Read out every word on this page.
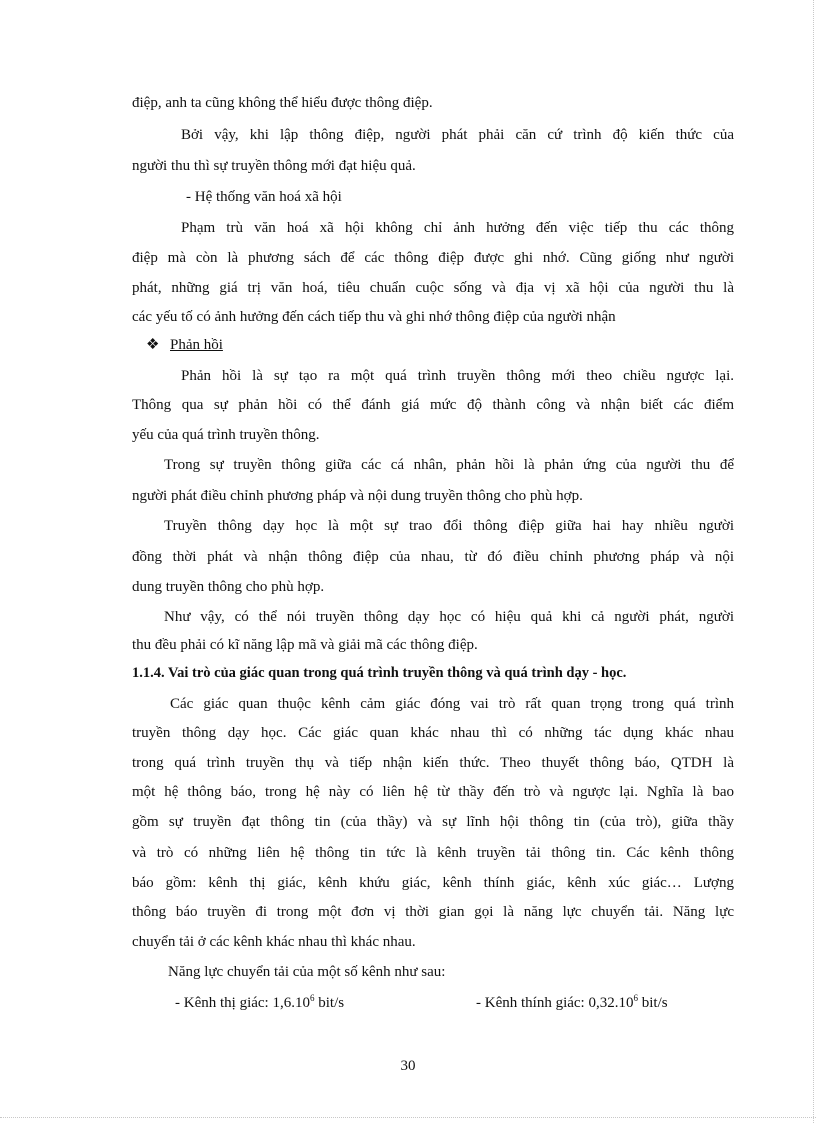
điệp, anh ta cũng không thể hiểu được thông điệp.
Bởi vậy, khi lập thông điệp, người phát phải căn cứ trình độ kiến thức của
người thu thì sự truyền thông mới đạt hiệu quả.
- Hệ thống văn hoá xã hội
Phạm trù văn hoá xã hội không chỉ ảnh hưởng đến việc tiếp thu các thông
điệp mà còn là phương sách để các thông điệp được ghi nhớ. Cũng giống như người
phát, những giá trị văn hoá, tiêu chuẩn cuộc sống và địa vị xã hội của người thu là
các yếu tố có ảnh hưởng đến cách tiếp thu và ghi nhớ thông điệp của người nhận
❖ Phản hồi
Phản hồi là sự tạo ra một quá trình truyền thông mới theo chiều ngược lại.
Thông qua sự phản hồi có thể đánh giá mức độ thành công và nhận biết các điểm
yếu của quá trình truyền thông.
Trong sự truyền thông giữa các cá nhân, phản hồi là phản ứng của người thu để
người phát điều chỉnh phương pháp và nội dung truyền thông cho phù hợp.
Truyền thông dạy học là một sự trao đổi thông điệp giữa hai hay nhiều người
đồng thời phát và nhận thông điệp của nhau, từ đó điều chỉnh phương pháp và nội
dung truyền thông cho phù hợp.
Như vậy, có thể nói truyền thông dạy học có hiệu quả khi cả người phát, người
thu đều phải có kĩ năng lập mã và giải mã các thông điệp.
1.1.4. Vai trò của giác quan trong quá trình truyền thông và quá trình dạy - học.
Các giác quan thuộc kênh cảm giác đóng vai trò rất quan trọng trong quá trình
truyền thông dạy học. Các giác quan khác nhau thì có những tác dụng khác nhau
trong quá trình truyền thụ và tiếp nhận kiến thức. Theo thuyết thông báo, QTDH là
một hệ thông báo, trong hệ này có liên hệ từ thầy đến trò và ngược lại. Nghĩa là bao
gồm sự truyền đạt thông tin (của thầy) và sự lĩnh hội thông tin (của trò), giữa thầy
và trò có những liên hệ thông tin tức là kênh truyền tải thông tin. Các kênh thông
báo gồm: kênh thị giác, kênh khứu giác, kênh thính giác, kênh xúc giác… Lượng
thông báo truyền đi trong một đơn vị thời gian gọi là năng lực chuyển tải. Năng lực
chuyển tải ở các kênh khác nhau thì khác nhau.
Năng lực chuyển tải của một số kênh như sau:
- Kênh thị giác: 1,6.10$^6$ bit/s	- Kênh thính giác: 0,32.10$^6$ bit/s
30
